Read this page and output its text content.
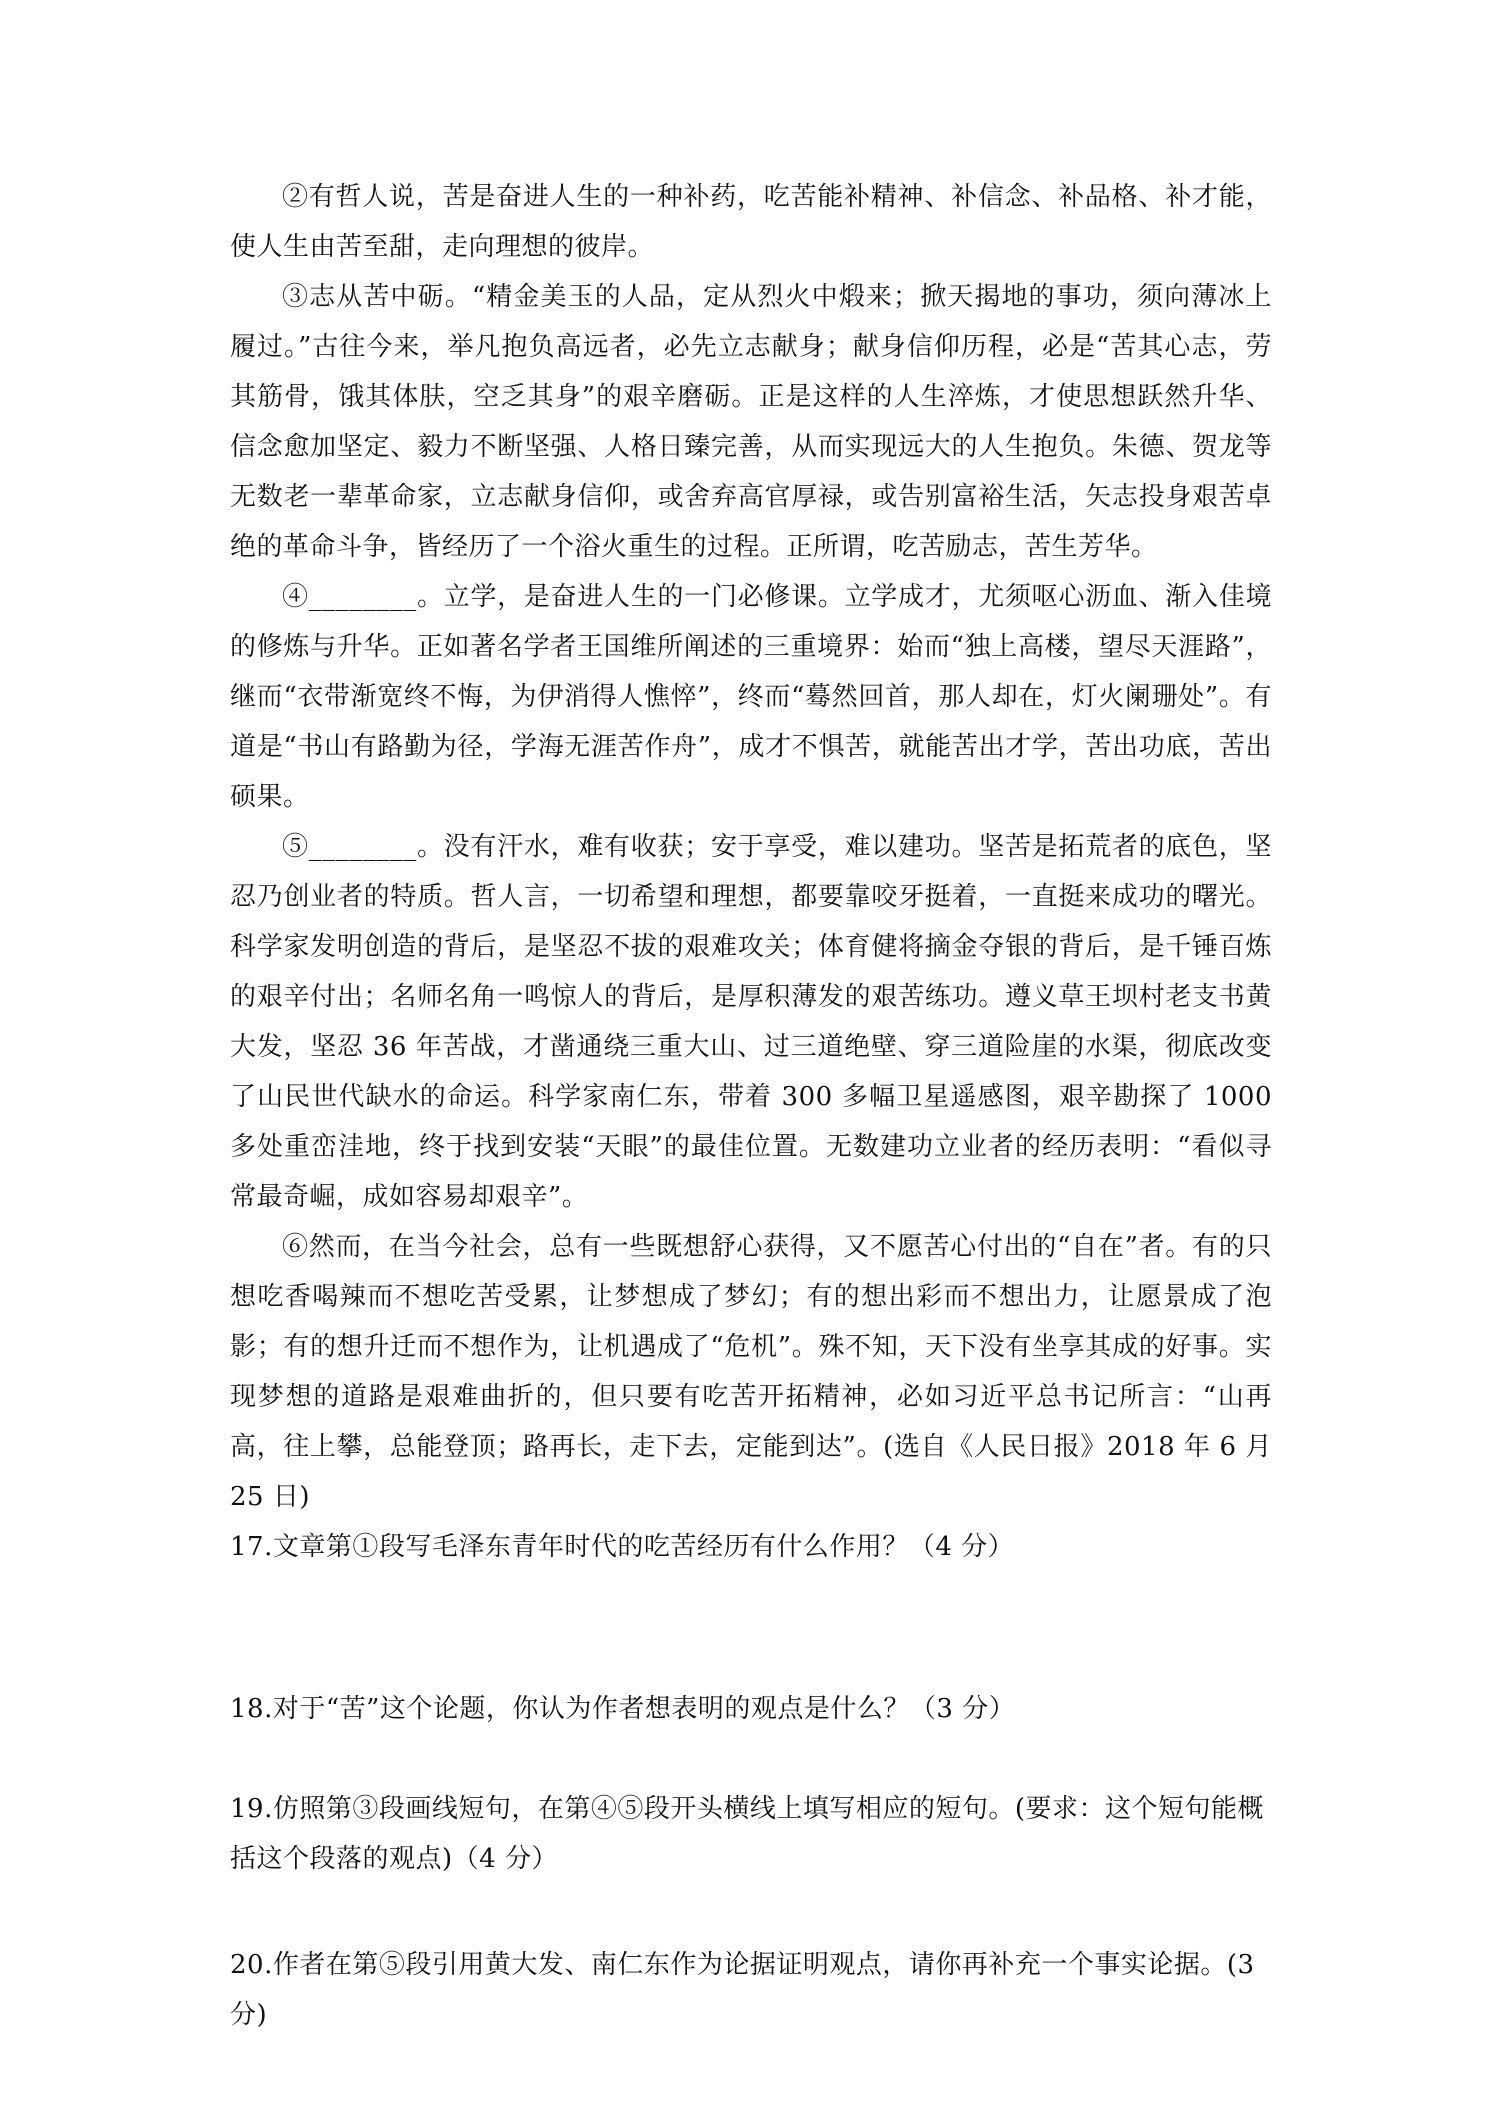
②有哲人说，苦是奋进人生的一种补药，吃苦能补精神、补信念、补品格、补才能，使人生由苦至甜，走向理想的彼岸。

③志从苦中砺。“精金美玉的人品，定从烈火中煅来；掀天揭地的事功，须向薄冰上履过。”古往今来，举凡抱负高远者，必先立志献身；献身信仰历程，必是“苦其心志，劳其筋骨，饿其体肤，空乏其身”的艰辛磨砺。正是这样的人生淬炼，才使思想跃然升华、信念愈加坚定、毅力不断坚强、人格日臻完善，从而实现远大的人生抱负。朱德、贺龙等无数老一辈革命家，立志献身信仰，或舍弃高官厚禄，或告别富裕生活，矢志投身艰苦卓绝的革命斗争，皆经历了一个浴火重生的过程。正所谓，吃苦励志，苦生芳华。

④________。立学，是奋进人生的一门必修课。立学成才，尤须呕心沥血、渐入佳境的修炼与升华。正如著名学者王国维所阐述的三重境界：始而“独上高楼，望尽天涯路”，继而“衣带渐宽终不悔，为伊消得人憔悴”，终而“蓦然回首，那人却在，灯火阑珊处”。有道是“书山有路勤为径，学海无涯苦作舟”，成才不惧苦，就能苦出才学，苦出功底，苦出硕果。

⑤________。没有汗水，难有收获；安于享受，难以建功。坚苦是拓荒者的底色，坚忍乃创业者的特质。哲人言，一切希望和理想，都要靠咬牙挺着，一直挺来成功的曙光。科学家发明创造的背后，是坚忍不拔的艰难攻关；体育健将摘金夺银的背后，是千锤百炼的艰辛付出；名师名角一鸣惊人的背后，是厚积薄发的艰苦练功。遵义草王坝村老支书黄大发，坚忍 36 年苦战，才凿通绕三重大山、过三道绝壁、穿三道险崖的水渠，彻底改变了山民世代缺水的命运。科学家南仁东，带着 300 多幅卫星遥感图，艰辛勘探了 1000 多处重峦洼地，终于找到安装“天眼”的最佳位置。无数建功立业者的经历表明：“看似寻常最奇崛，成如容易却艰辛”。

⑥然而，在当今社会，总有一些既想舒心获得，又不愿苦心付出的“自在”者。有的只想吃香喝辣而不想吃苦受累，让梦想成了梦幻；有的想出彩而不想出力，让愿景成了泡影；有的想升迁而不想作为，让机遇成了“危机”。殊不知，天下没有坐享其成的好事。实现梦想的道路是艰难曲折的，但只要有吃苦开拓精神，必如习近平总书记所言：“山再高，往上攀，总能登顶；路再长，走下去，定能到达”。(选自《人民日报》2018 年 6 月 25 日)

17.文章第①段写毛泽东青年时代的吃苦经历有什么作用？（4 分）

18.对于“苦”这个论题，你认为作者想表明的观点是什么？（3 分）

19.仿照第③段画线短句，在第④⑤段开头横线上填写相应的短句。(要求：这个短句能概括这个段落的观点)（4 分）

20.作者在第⑤段引用黄大发、南仁东作为论据证明观点，请你再补充一个事实论据。(3 分)
